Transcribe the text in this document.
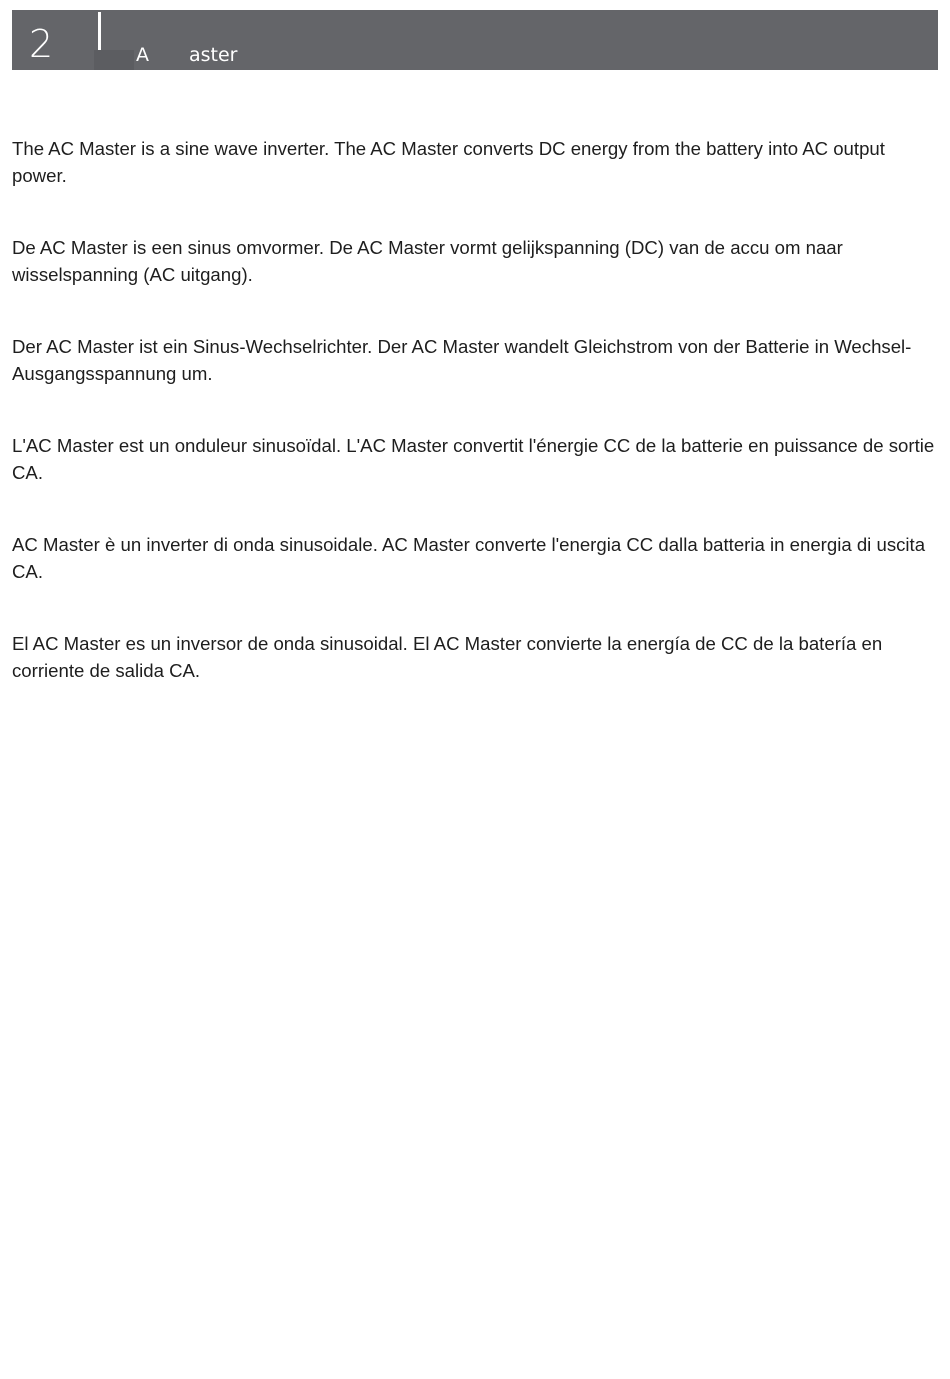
2	A aster

The AC Master is a sine wave inverter. The AC Master converts DC energy from the battery into AC output power.

De AC Master is een sinus omvormer. De AC Master vormt gelijkspanning (DC) van de accu om naar wisselspanning (AC uitgang).

Der AC Master ist ein Sinus-Wechselrichter. Der AC Master wandelt Gleichstrom von der Batterie in Wechsel-Ausgangsspannung um.

L'AC Master est un onduleur sinusoïdal. L'AC Master convertit l'énergie CC de la batterie en puissance de sortie CA.

AC Master è un inverter di onda sinusoidale. AC Master converte l'energia CC dalla batteria in energia di uscita CA.

El AC Master es un inversor de onda sinusoidal. El AC Master convierte la energía de CC de la batería en corriente de salida CA.
